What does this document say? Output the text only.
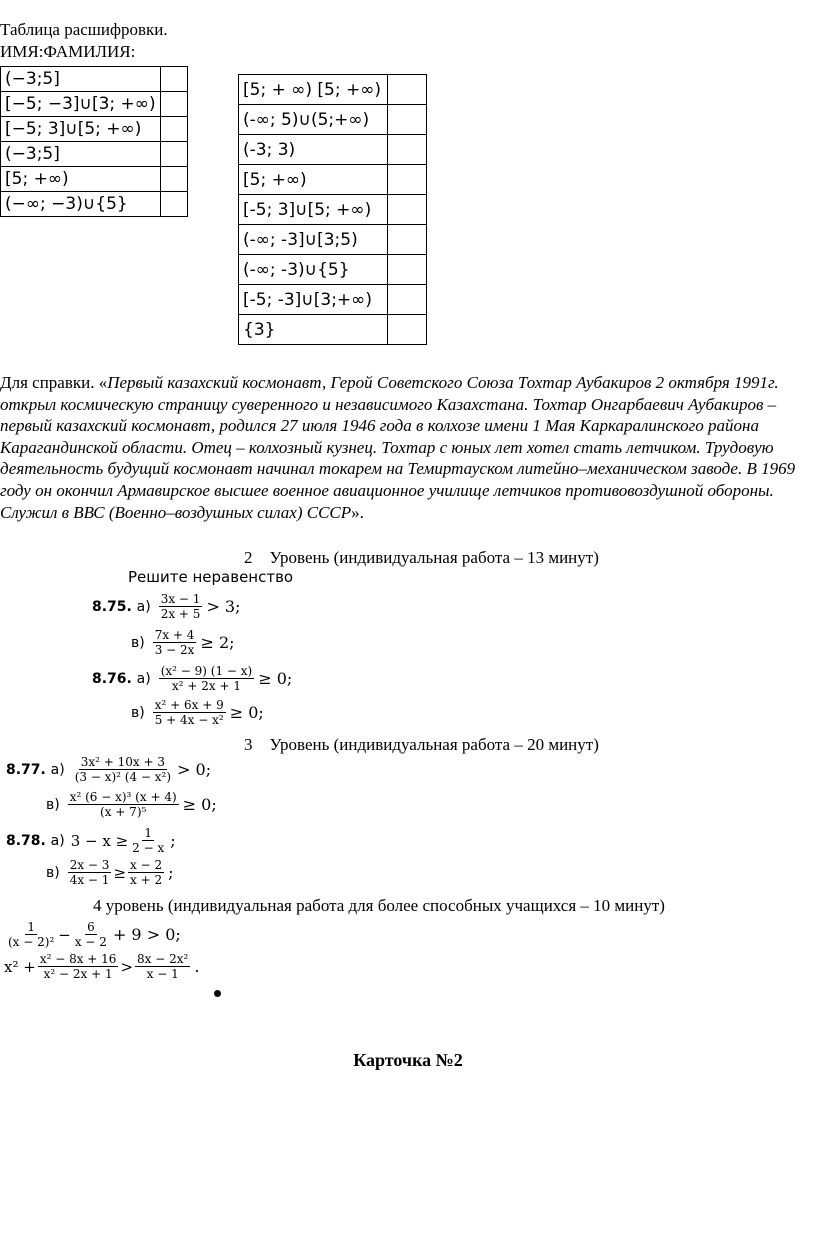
Таблица расшифровки.
ИМЯ:ФАМИЛИЯ:
(−3;5]	
[−5; −3]∪[3; +∞)	
[−5; 3]∪[5; +∞)	
(−3;5]	
[5; +∞)	
(−∞; −3)∪{5}	
[5; + ∞) [5; +∞)	
(-∞; 5)∪(5;+∞)	
(-3; 3)	
[5; +∞)	
[-5; 3]∪[5; +∞)	
(-∞; -3]∪[3;5)	
(-∞; -3)∪{5}	
[-5; -3]∪[3;+∞)	
{3}	
Для справки. «Первый казахский космонавт, Герой Советского Союза Тохтар Аубакиров 2 октября 1991г. открыл космическую страницу суверенного и независимого Казахстана. Тохтар Онгарбаевич Аубакиров – первый казахский космонавт, родился 27 июля 1946 года в колхозе имени 1 Мая Каркаралинского района Карагандинской области. Отец – колхозный кузнец. Тохтар с юных лет хотел стать летчиком. Трудовую деятельность будущий космонавт начинал токарем на Темиртауском литейно–механическом заводе. В 1969 году он окончил Армавирское высшее военное авиационное училище летчиков противовоздушной обороны. Служил в ВВС (Военно–воздушных силах) СССР».
2 Уровень (индивидуальная работа – 13 минут)
Решите неравенство
8.75.
$а) \frac{3x - 1}{2x + 5} > 3$;
$в) \frac{7x + 4}{3 - 2x} \ge 2$;
8.76.
$а) \frac{\text{(x² − 9) (1 − x)}}{\text{x² + 2x + 1}} \ge 0$;
$в) \frac{\text{x² + 6x + 9}}{\text{5 + 4x − x²}} \ge 0$;
3 Уровень (индивидуальная работа – 20 минут)
8.77.
$а) \frac{\text{3x² + 10x + 3}}{\text{(3 − x)² (4 − x²)}} > 0$;
$в) \frac{\text{x² (6 − x)³ (x + 4)}}{\text{(x + 7)⁵}} \ge 0$;
8.78.
а) $3 - x \ge \frac{1}{2 - x}$ ;
$в) \frac{2x - 3}{4x - 1} \ge \frac{x - 2}{x + 2}$ ;
4 уровень (индивидуальная работа для более способных учащихся – 10 минут)
$\frac{1}{\text{(x − 2)²}} - \frac{6}{x - 2} + 9 > 0$;
$x^2 + \frac{\text{x² − 8x + 16}}{\text{x² − 2x + 1}} > \frac{\text{8x − 2x²}}{x - 1}$ .
Карточка №2
